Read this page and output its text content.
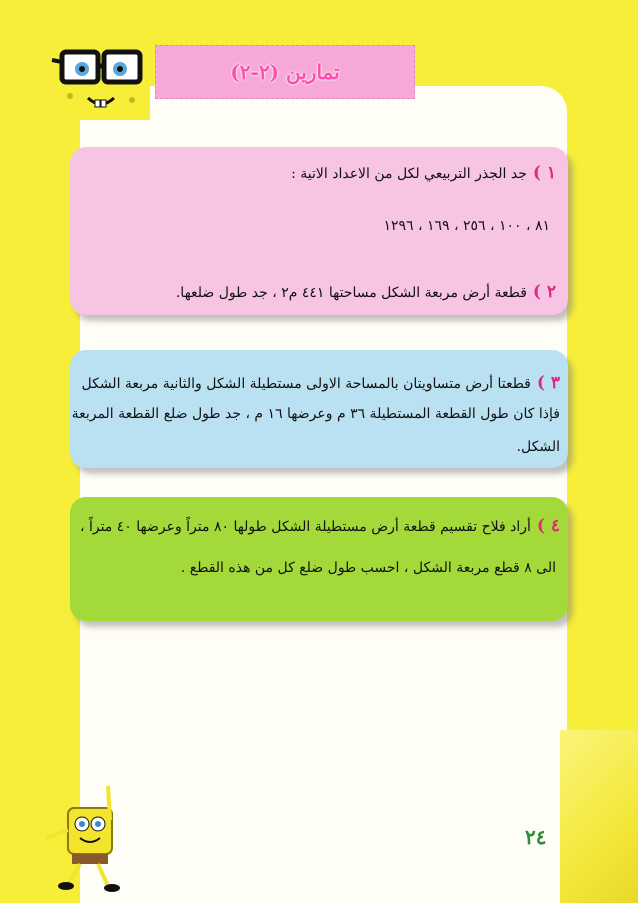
تمارين (٢-٢)
١ )جد الجذر التربيعي لكل من الاعداد الاتية :
٨١ ، ١٠٠ ، ٢٥٦ ، ١٦٩ ، ١٢٩٦
٢ )قطعة أرض مربعة الشكل مساحتها ٤٤١ م٢ ، جد طول ضلعها.
٣ )قطعتا أرض متساويتان بالمساحة الاولى مستطيلة الشكل والثانية مربعة الشكل
فإذا كان طول القطعة المستطيلة ٣٦ م وعرضها ١٦ م ، جد طول ضلع القطعة المربعة
الشكل.
٤ )أراد فلاح تقسيم قطعة أرض مستطيلة الشكل طولها ٨٠ متراً وعرضها ٤٠ متراً ،
الى ٨ قطع مربعة الشكل ، احسب طول ضلع كل من هذه القطع .
٢٤
